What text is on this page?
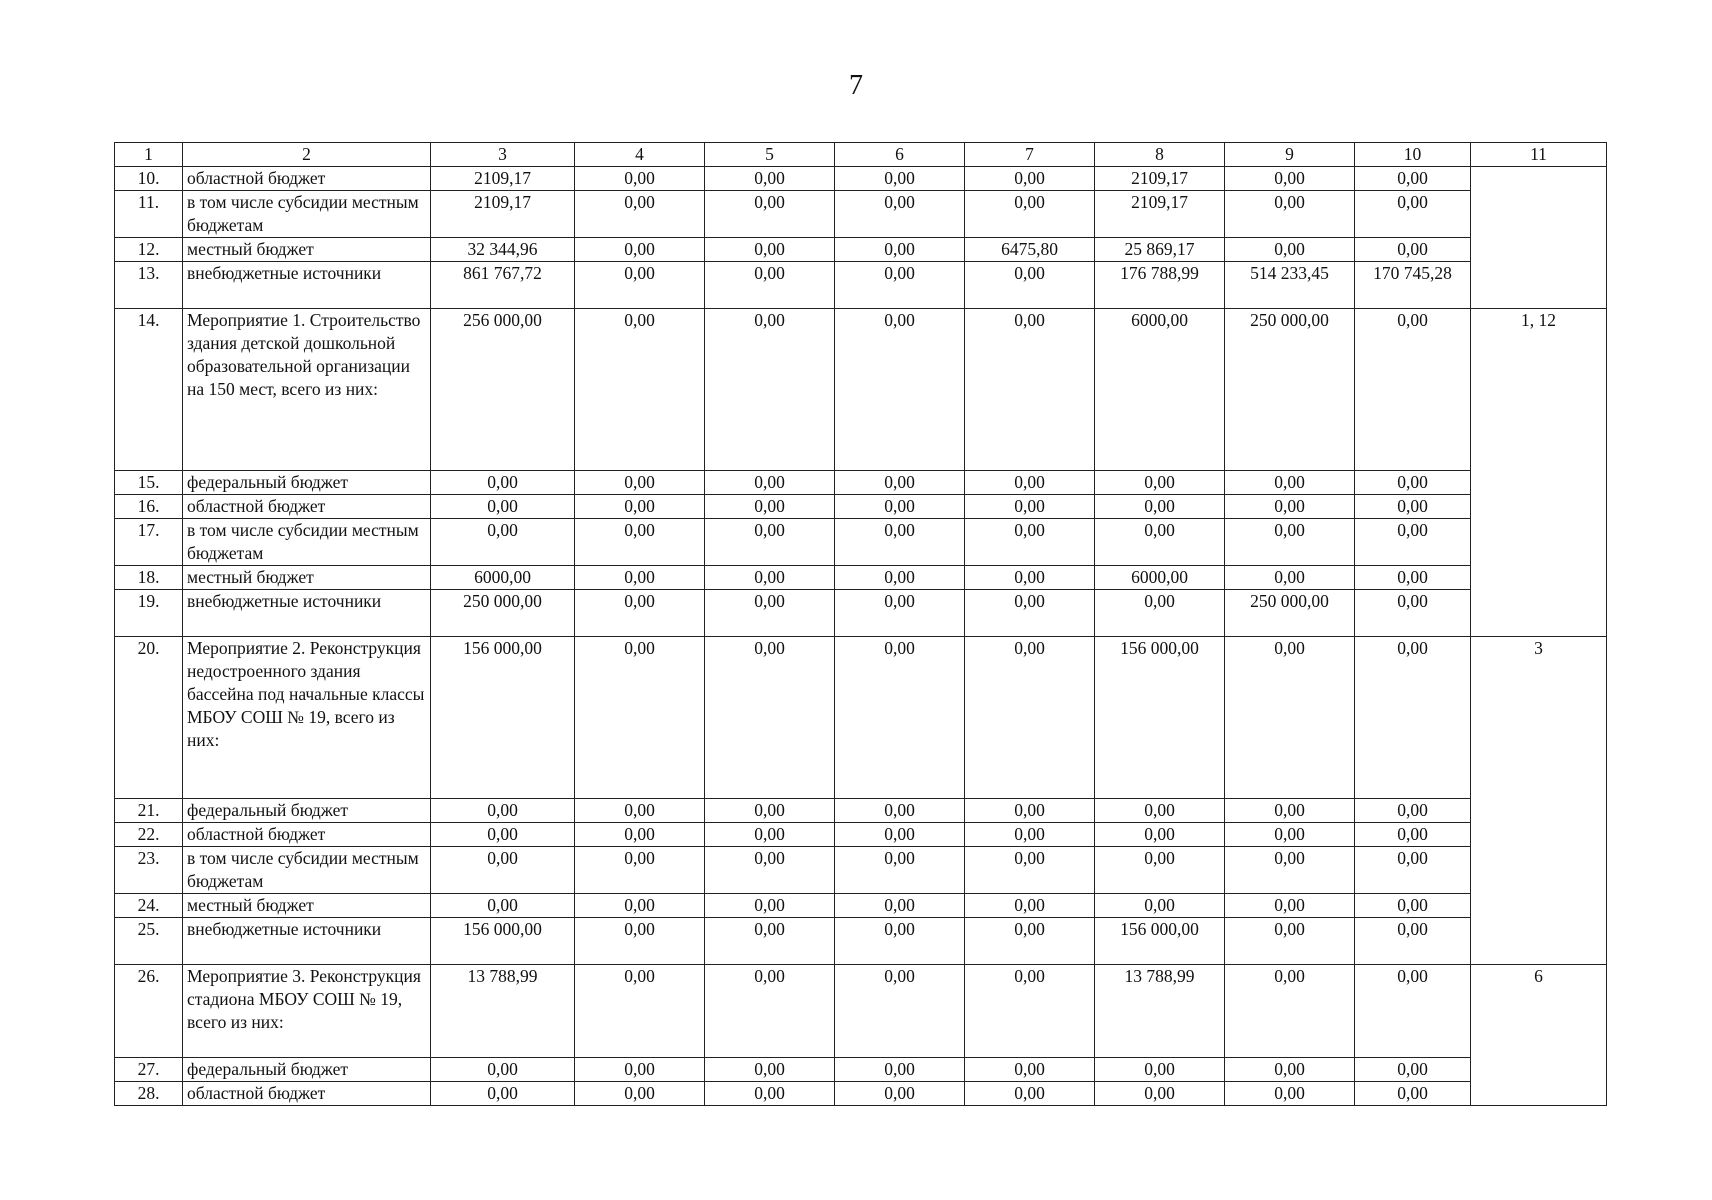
7
1	2	3	4	5	6	7	8	9	10	11
10.	областной бюджет	2109,17	0,00	0,00	0,00	0,00	2109,17	0,00	0,00	
11.	в том числе субсидии местным бюджетам	2109,17	0,00	0,00	0,00	0,00	2109,17	0,00	0,00	
12.	местный бюджет	32 344,96	0,00	0,00	0,00	6475,80	25 869,17	0,00	0,00	
13.	внебюджетные источники	861 767,72	0,00	0,00	0,00	0,00	176 788,99	514 233,45	170 745,28	
14.	Мероприятие 1. Строительство здания детской дошкольной образовательной организации на 150 мест, всего из них:	256 000,00	0,00	0,00	0,00	0,00	6000,00	250 000,00	0,00	1, 12
15.	федеральный бюджет	0,00	0,00	0,00	0,00	0,00	0,00	0,00	0,00	
16.	областной бюджет	0,00	0,00	0,00	0,00	0,00	0,00	0,00	0,00	
17.	в том числе субсидии местным бюджетам	0,00	0,00	0,00	0,00	0,00	0,00	0,00	0,00	
18.	местный бюджет	6000,00	0,00	0,00	0,00	0,00	6000,00	0,00	0,00	
19.	внебюджетные источники	250 000,00	0,00	0,00	0,00	0,00	0,00	250 000,00	0,00	
20.	Мероприятие 2. Реконструкция недостроенного здания бассейна под начальные классы МБОУ СОШ № 19, всего из них:	156 000,00	0,00	0,00	0,00	0,00	156 000,00	0,00	0,00	3
21.	федеральный бюджет	0,00	0,00	0,00	0,00	0,00	0,00	0,00	0,00	
22.	областной бюджет	0,00	0,00	0,00	0,00	0,00	0,00	0,00	0,00	
23.	в том числе субсидии местным бюджетам	0,00	0,00	0,00	0,00	0,00	0,00	0,00	0,00	
24.	местный бюджет	0,00	0,00	0,00	0,00	0,00	0,00	0,00	0,00	
25.	внебюджетные источники	156 000,00	0,00	0,00	0,00	0,00	156 000,00	0,00	0,00	
26.	Мероприятие 3. Реконструкция стадиона МБОУ СОШ № 19, всего из них:	13 788,99	0,00	0,00	0,00	0,00	13 788,99	0,00	0,00	6
27.	федеральный бюджет	0,00	0,00	0,00	0,00	0,00	0,00	0,00	0,00	
28.	областной бюджет	0,00	0,00	0,00	0,00	0,00	0,00	0,00	0,00	
